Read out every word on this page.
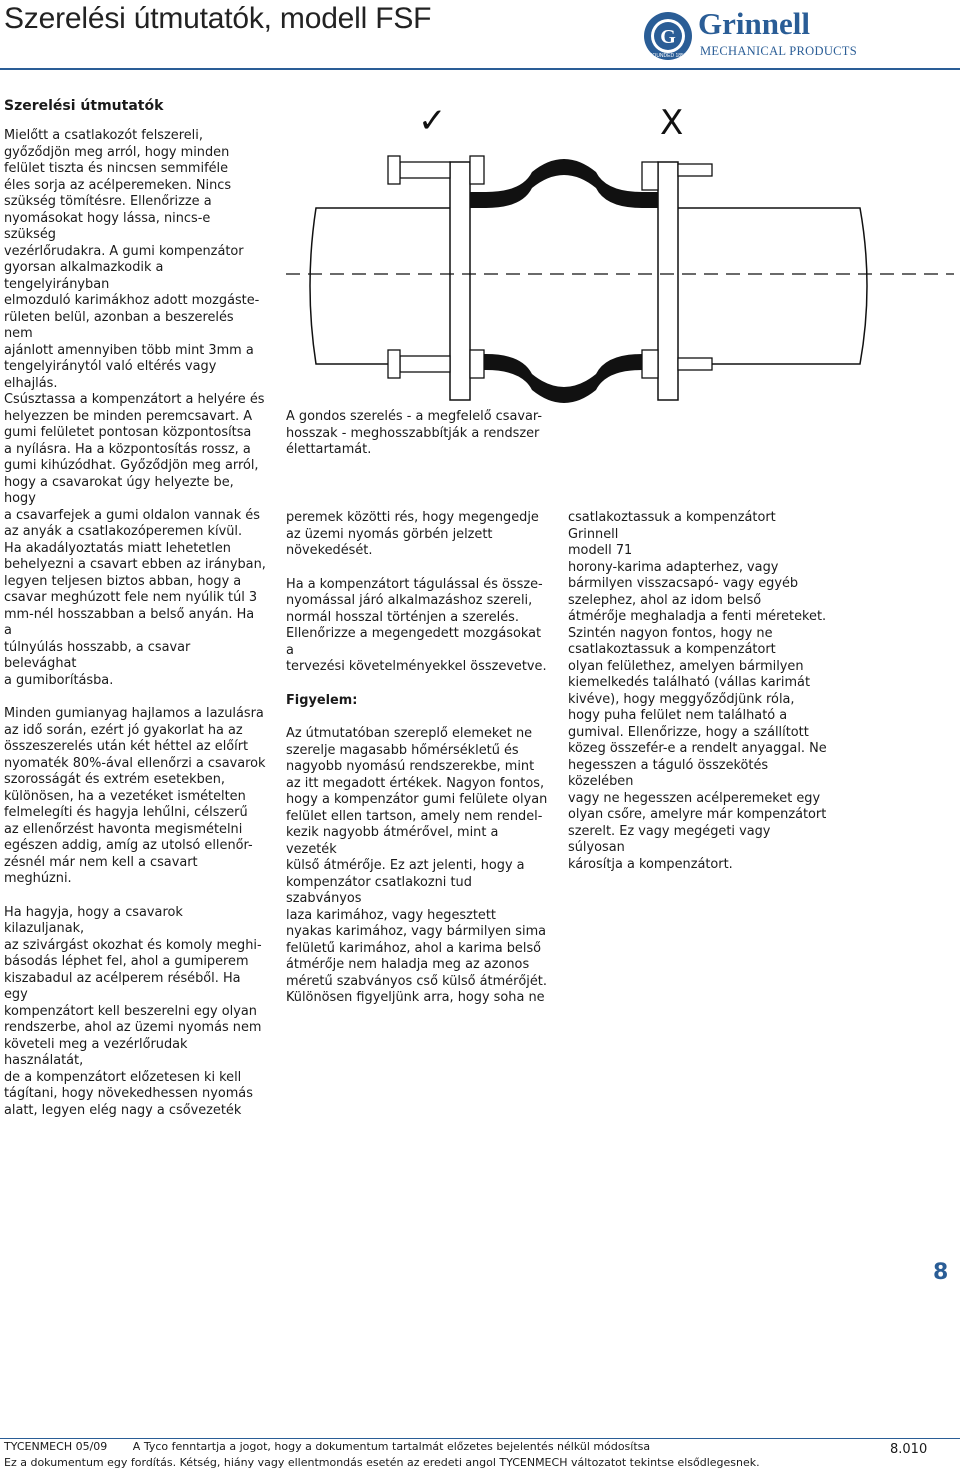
Szerelési útmutatók, modell FSF
G
FOUNDED 1850
Grinnell
MECHANICAL PRODUCTS
Szerelési útmutatók

Mielőtt a csatlakozót felszereli,
győződjön meg arról, hogy minden
felület tiszta és nincsen semmiféle
éles sorja az acélperemeken. Nincs
szükség tömítésre. Ellenőrizze a
nyomásokat hogy lássa, nincs-e szükség
vezérlőrudakra. A gumi kompenzátor
gyorsan alkalmazkodik a tengelyirányban
elmozduló karimákhoz adott mozgáste-
rületen belül, azonban a beszerelés nem
ajánlott amennyiben több mint 3mm a
tengelyiránytól való eltérés vagy elhajlás.
Csúsztassa a kompenzátort a helyére és
helyezzen be minden peremcsavart. A
gumi felületet pontosan központosítsa
a nyílásra. Ha a központosítás rossz, a
gumi kihúzódhat. Győződjön meg arról,
hogy a csavarokat úgy helyezte be, hogy
a csavarfejek a gumi oldalon vannak és
az anyák a csatlakozóperemen kívül.
Ha akadályoztatás miatt lehetetlen
behelyezni a csavart ebben az irányban,
legyen teljesen biztos abban, hogy a
csavar meghúzott fele nem nyúlik túl 3
mm-nél hosszabban a belső anyán. Ha a
túlnyúlás hosszabb, a csavar belevághat
a gumiborításba.

Minden gumianyag hajlamos a lazulásra
az idő során, ezért jó gyakorlat ha az
összeszerelés után két héttel az előírt
nyomaték 80%-ával ellenőrzi a csavarok
szorosságát és extrém esetekben,
különösen, ha a vezetéket ismételten
felmelegíti és hagyja lehűlni, célszerű
az ellenőrzést havonta megismételni
egészen addig, amíg az utolsó ellenőr-
zésnél már nem kell a csavart meghúzni.

Ha hagyja, hogy a csavarok kilazuljanak,
az szivárgást okozhat és komoly meghi-
básodás léphet fel, ahol a gumiperem
kiszabadul az acélperem réséből. Ha egy
kompenzátort kell beszerelni egy olyan
rendszerbe, ahol az üzemi nyomás nem
követeli meg a vezérlőrudak használatát,
de a kompenzátort előzetesen ki kell
tágítani, hogy növekedhessen nyomás
alatt, legyen elég nagy a csővezeték

✓	X

A gondos szerelés - a megfelelő csavar-
hosszak - meghosszabbítják a rendszer
élettartamát.

peremek közötti rés, hogy megengedje
az üzemi nyomás görbén jelzett
növekedését.

Ha a kompenzátort tágulással és össze-
nyomással járó alkalmazáshoz szereli,
normál hosszal történjen a szerelés.
Ellenőrizze a megengedett mozgásokat a
tervezési követelményekkel összevetve.

Figyelem:

Az útmutatóban szereplő elemeket ne
szerelje magasabb hőmérsékletű és
nagyobb nyomású rendszerekbe, mint
az itt megadott értékek. Nagyon fontos,
hogy a kompenzátor gumi felülete olyan
felület ellen tartson, amely nem rendel-
kezik nagyobb átmérővel, mint a vezeték
külső átmérője. Ez azt jelenti, hogy a
kompenzátor csatlakozni tud szabványos
laza karimához, vagy hegesztett
nyakas karimához, vagy bármilyen sima
felületű karimához, ahol a karima belső
átmérője nem haladja meg az azonos
méretű szabványos cső külső átmérőjét.
Különösen figyeljünk arra, hogy soha ne

csatlakoztassuk a kompenzátort Grinnell
modell 71
horony-karima adapterhez, vagy
bármilyen visszacsapó- vagy egyéb
szelephez, ahol az idom belső
átmérője meghaladja a fenti méreteket.
Szintén nagyon fontos, hogy ne
csatlakoztassuk a kompenzátort
olyan felülethez, amelyen bármilyen
kiemelkedés található (vállas karimát
kivéve), hogy meggyőződjünk róla,
hogy puha felület nem található a
gumival. Ellenőrizze, hogy a szállított
közeg összefér-e a rendelt anyaggal. Ne
hegesszen a táguló összekötés közelében
vagy ne hegesszen acélperemeket egy
olyan csőre, amelyre már kompenzátort
szerelt. Ez vagy megégeti vagy súlyosan
károsítja a kompenzátort.

8
TYCENMECH 05/09 A Tyco fenntartja a jogot, hogy a dokumentum tartalmát előzetes bejelentés nélkül módosítsa
Ez a dokumentum egy fordítás. Kétség, hiány vagy ellentmondás esetén az eredeti angol TYCENMECH változatot tekintse elsődlegesnek.
8.010
